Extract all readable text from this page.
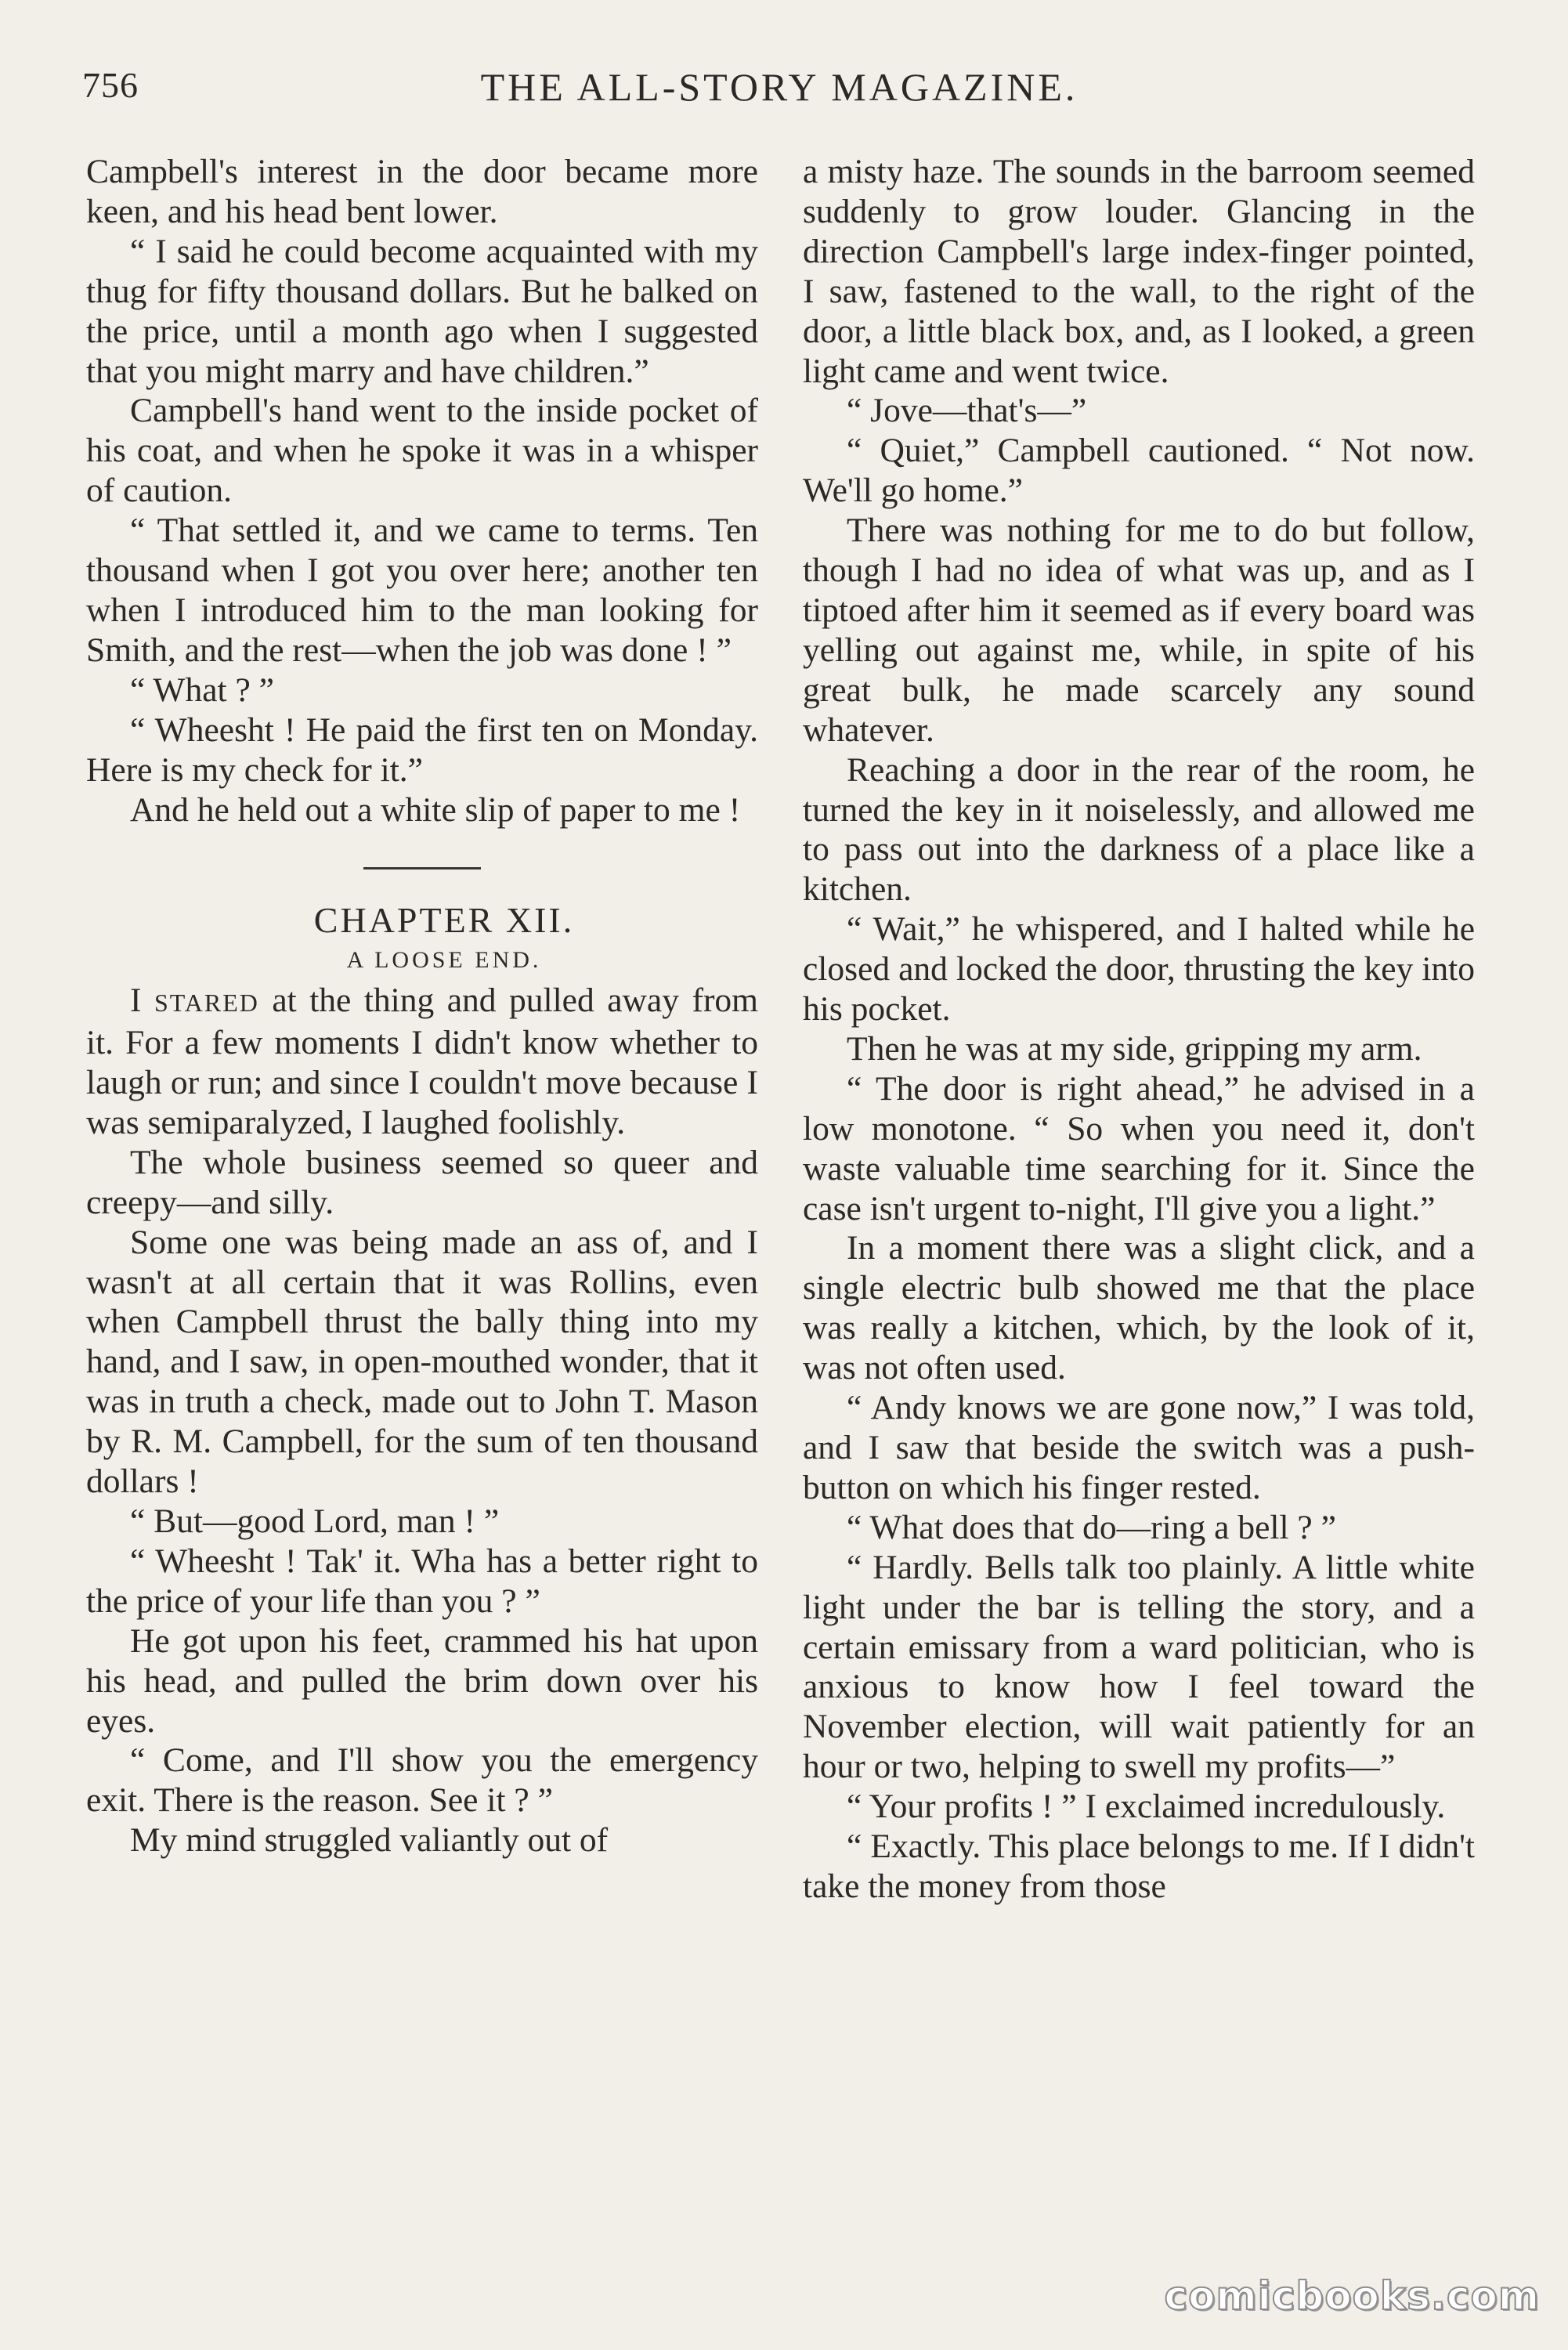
756	THE ALL-STORY MAGAZINE.

Campbell's interest in the door became more keen, and his head bent lower.

“ I said he could become acquainted with my thug for fifty thousand dollars. But he balked on the price, until a month ago when I suggested that you might marry and have children.”

Campbell's hand went to the inside pocket of his coat, and when he spoke it was in a whisper of caution.

“ That settled it, and we came to terms. Ten thousand when I got you over here; another ten when I introduced him to the man looking for Smith, and the rest—when the job was done ! ”

“ What ? ”

“ Wheesht ! He paid the first ten on Monday. Here is my check for it.”

And he held out a white slip of paper to me !

CHAPTER XII.

A LOOSE END.

I STARED at the thing and pulled away from it. For a few moments I didn't know whether to laugh or run; and since I couldn't move because I was semiparalyzed, I laughed foolishly.

The whole business seemed so queer and creepy—and silly.

Some one was being made an ass of, and I wasn't at all certain that it was Rollins, even when Campbell thrust the bally thing into my hand, and I saw, in open-mouthed wonder, that it was in truth a check, made out to John T. Mason by R. M. Campbell, for the sum of ten thousand dollars !

“ But—good Lord, man ! ”

“ Wheesht ! Tak' it. Wha has a better right to the price of your life than you ? ”

He got upon his feet, crammed his hat upon his head, and pulled the brim down over his eyes.

“ Come, and I'll show you the emergency exit. There is the reason. See it ? ”

My mind struggled valiantly out of

a misty haze. The sounds in the barroom seemed suddenly to grow louder. Glancing in the direction Campbell's large index-finger pointed, I saw, fastened to the wall, to the right of the door, a little black box, and, as I looked, a green light came and went twice.

“ Jove—that's—”

“ Quiet,” Campbell cautioned. “ Not now. We'll go home.”

There was nothing for me to do but follow, though I had no idea of what was up, and as I tiptoed after him it seemed as if every board was yelling out against me, while, in spite of his great bulk, he made scarcely any sound whatever.

Reaching a door in the rear of the room, he turned the key in it noiselessly, and allowed me to pass out into the darkness of a place like a kitchen.

“ Wait,” he whispered, and I halted while he closed and locked the door, thrusting the key into his pocket.

Then he was at my side, gripping my arm.

“ The door is right ahead,” he advised in a low monotone. “ So when you need it, don't waste valuable time searching for it. Since the case isn't urgent to-night, I'll give you a light.”

In a moment there was a slight click, and a single electric bulb showed me that the place was really a kitchen, which, by the look of it, was not often used.

“ Andy knows we are gone now,” I was told, and I saw that beside the switch was a push-button on which his finger rested.

“ What does that do—ring a bell ? ”

“ Hardly. Bells talk too plainly. A little white light under the bar is telling the story, and a certain emissary from a ward politician, who is anxious to know how I feel toward the November election, will wait patiently for an hour or two, helping to swell my profits—”

“ Your profits ! ” I exclaimed incredulously.

“ Exactly. This place belongs to me. If I didn't take the money from those

comicbooks.com
